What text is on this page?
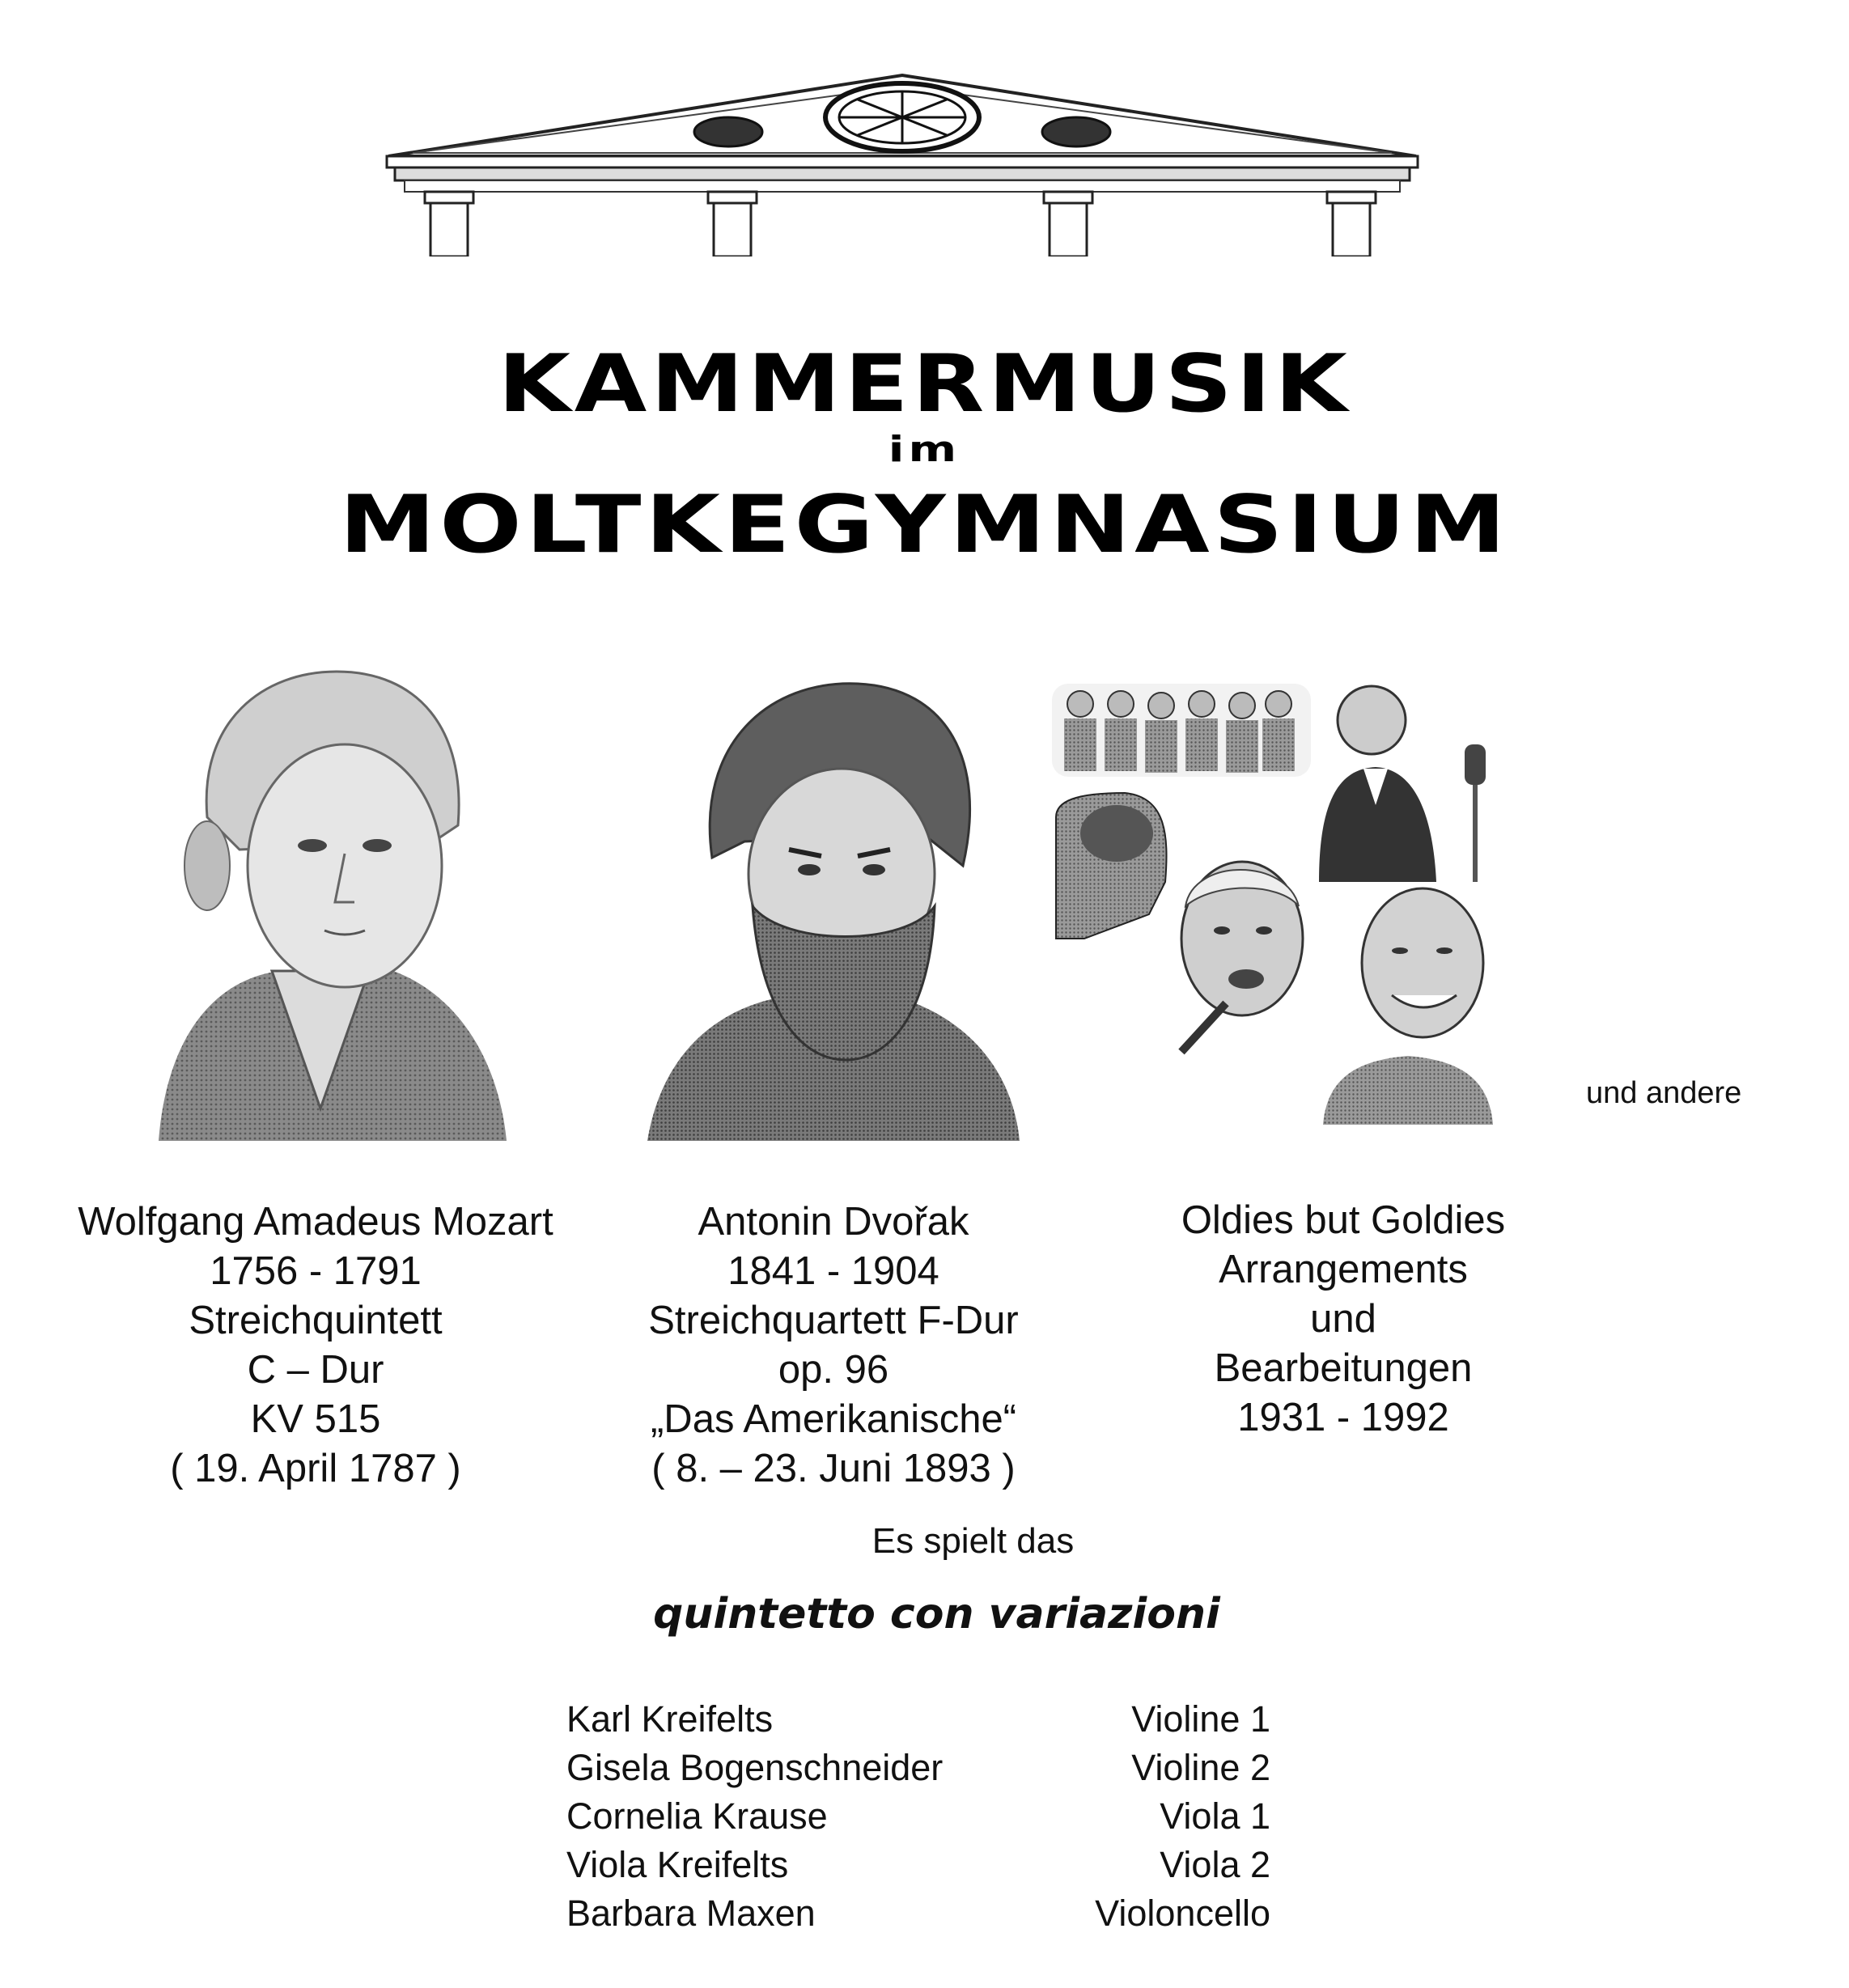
KAMMERMUSIK
im
MOLTKEGYMNASIUM
und andere
Wolfgang Amadeus Mozart
1756 - 1791
Streichquintett
C – Dur
KV 515
( 19. April 1787 )
Antonin Dvořak
1841 - 1904
Streichquartett F-Dur
op. 96
„Das Amerikanische“
( 8. – 23. Juni 1893 )
Oldies but Goldies
Arrangements
und
Bearbeitungen
1931 - 1992
Es spielt das
quintetto con variazioni
Karl Kreifelts	Violine 1
Gisela Bogenschneider	Violine 2
Cornelia Krause	Viola 1
Viola Kreifelts	Viola 2
Barbara Maxen	Violoncello
